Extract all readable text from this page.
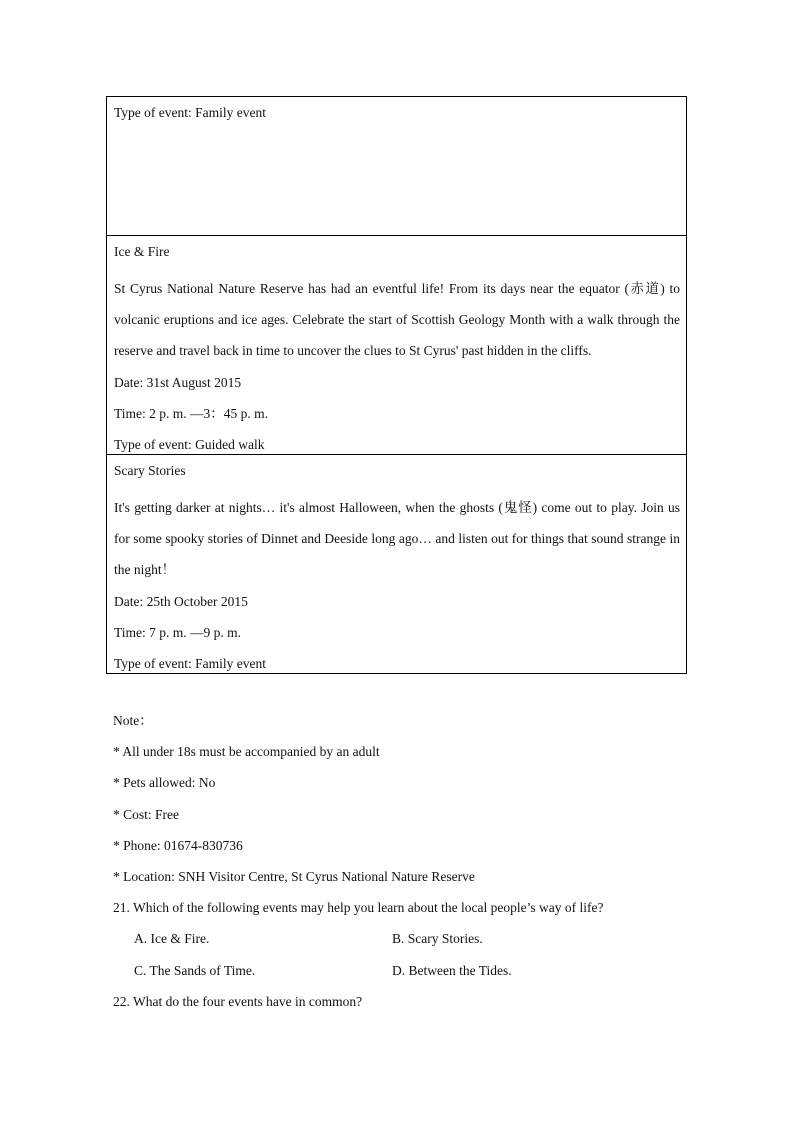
Type of event: Family event
Ice & Fire
St Cyrus National Nature Reserve has had an eventful life! From its days near the equator (赤道) to volcanic eruptions and ice ages. Celebrate the start of Scottish Geology Month with a walk through the reserve and travel back in time to uncover the clues to St Cyrus' past hidden in the cliffs.
Date: 31st August 2015
Time: 2 p. m. —3：45 p. m.
Type of event: Guided walk
Scary Stories
It's getting darker at nights… it's almost Halloween, when the ghosts (鬼怪) come out to play. Join us for some spooky stories of Dinnet and Deeside long ago… and listen out for things that sound strange in the night！
Date: 25th October 2015
Time: 7 p. m. —9 p. m.
Type of event: Family event
Note：
* All under 18s must be accompanied by an adult
* Pets allowed: No
* Cost: Free
* Phone: 01674-830736
* Location: SNH Visitor Centre, St Cyrus National Nature Reserve
21. Which of the following events may help you learn about the local people’s way of life?
A. Ice & Fire.	B. Scary Stories.
C. The Sands of Time.	D. Between the Tides.
22. What do the four events have in common?
